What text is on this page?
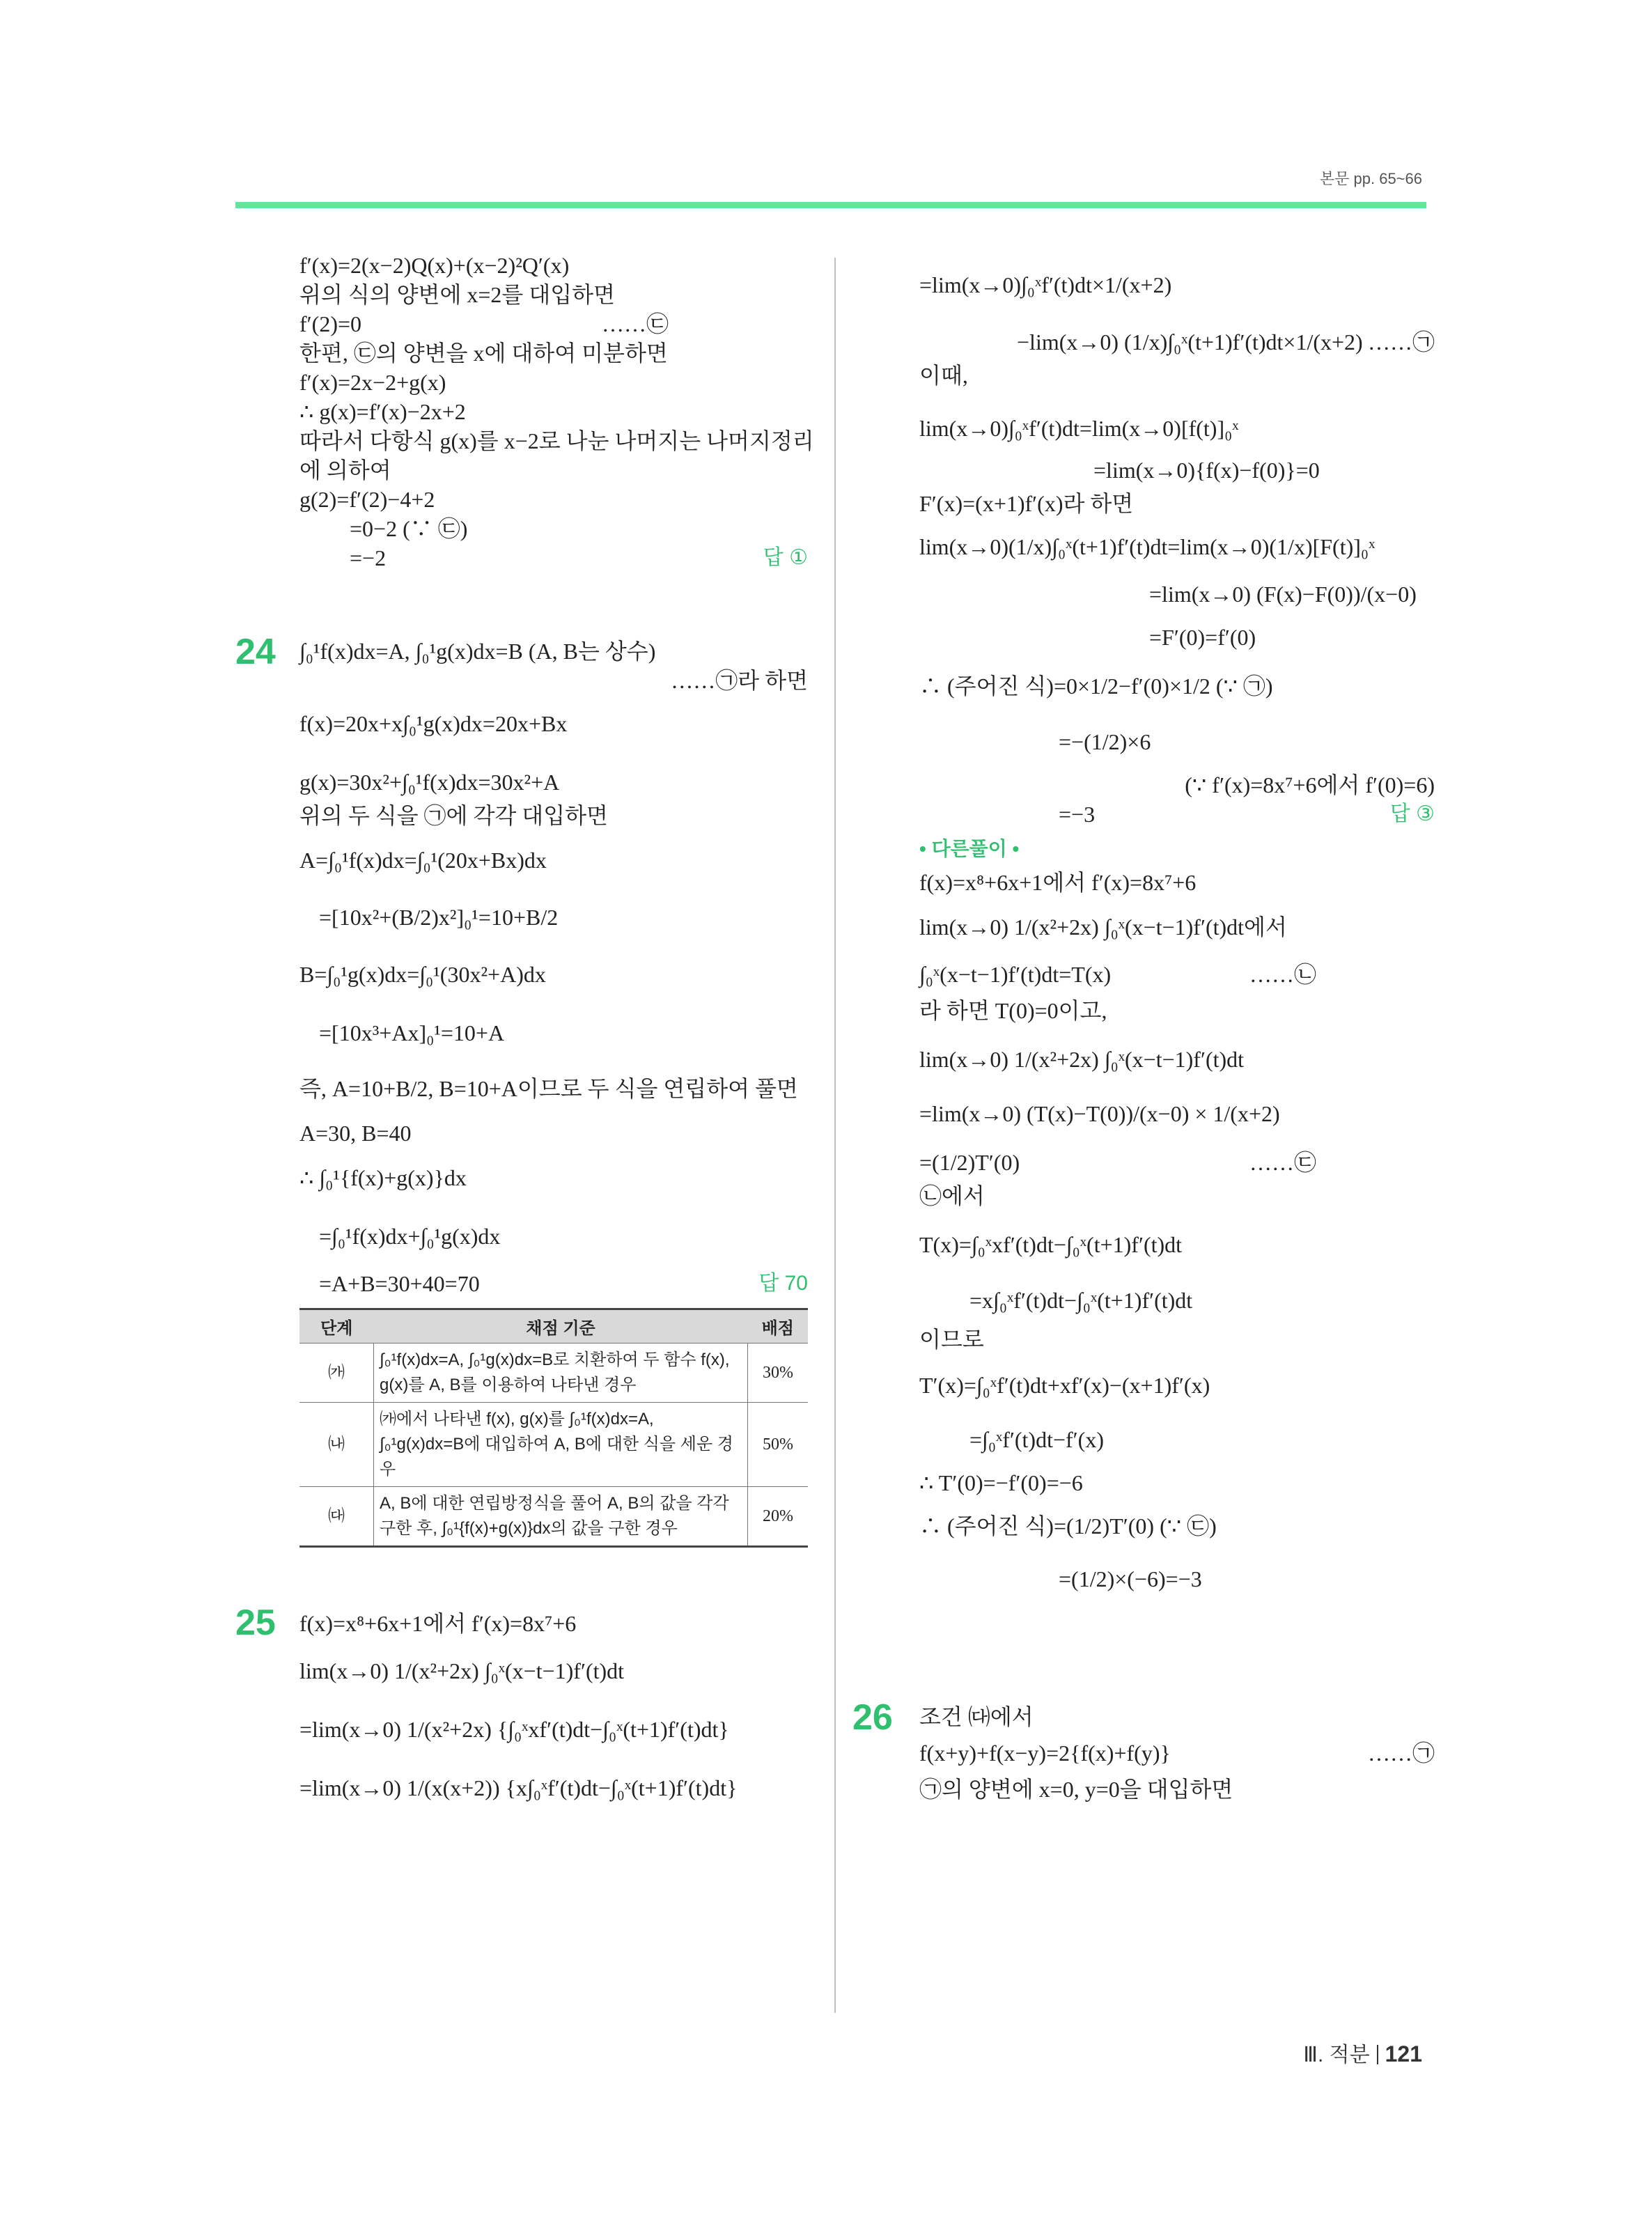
본문 pp. 65~66
f′(x)=2(x−2)Q(x)+(x−2)²Q′(x)
위의 식의 양변에 x=2를 대입하면
f′(2)=0	……㉢
한편, ㉢의 양변을 x에 대하여 미분하면
f′(x)=2x−2+g(x)
∴ g(x)=f′(x)−2x+2
따라서 다항식 g(x)를 x−2로 나눈 나머지는 나머지정리
에 의하여
g(2)=f′(2)−4+2
=0−2 (∵ ㉢)
=−2	답 ①
24 ∫₀¹f(x)dx=A, ∫₀¹g(x)dx=B (A, B는 상수)
……㉠라 하면
f(x)=20x+x∫₀¹g(x)dx=20x+Bx
g(x)=30x²+∫₀¹f(x)dx=30x²+A
위의 두 식을 ㉠에 각각 대입하면
A=∫₀¹f(x)dx=∫₀¹(20x+Bx)dx
=[10x²+(B/2)x²]₀¹=10+B/2
B=∫₀¹g(x)dx=∫₀¹(30x²+A)dx
=[10x³+Ax]₀¹=10+A
즉, A=10+B/2, B=10+A이므로 두 식을 연립하여 풀면
A=30, B=40
∴ ∫₀¹{f(x)+g(x)}dx
=∫₀¹f(x)dx+∫₀¹g(x)dx
=A+B=30+40=70	답 70
단계	채점 기준	배점
㈎	∫₀¹f(x)dx=A, ∫₀¹g(x)dx=B로 치환하여 두 함수 f(x), g(x)를 A, B를 이용하여 나타낸 경우	30%
㈏	㈎에서 나타낸 f(x), g(x)를 ∫₀¹f(x)dx=A, ∫₀¹g(x)dx=B에 대입하여 A, B에 대한 식을 세운 경우	50%
㈐	A, B에 대한 연립방정식을 풀어 A, B의 값을 각각 구한 후, ∫₀¹{f(x)+g(x)}dx의 값을 구한 경우	20%
25 f(x)=x⁸+6x+1에서 f′(x)=8x⁷+6
lim(x→0) 1/(x²+2x) ∫₀ˣ(x−t−1)f′(t)dt
=lim(x→0) 1/(x²+2x) {∫₀ˣxf′(t)dt−∫₀ˣ(t+1)f′(t)dt}
=lim(x→0) 1/(x(x+2)) {x∫₀ˣf′(t)dt−∫₀ˣ(t+1)f′(t)dt}
=lim(x→0)∫₀ˣf′(t)dt×1/(x+2)
−lim(x→0) (1/x)∫₀ˣ(t+1)f′(t)dt×1/(x+2) ……㉠
이때,
lim(x→0)∫₀ˣf′(t)dt=lim(x→0)[f(t)]₀ˣ
=lim(x→0){f(x)−f(0)}=0
F′(x)=(x+1)f′(x)라 하면
lim(x→0)(1/x)∫₀ˣ(t+1)f′(t)dt=lim(x→0)(1/x)[F(t)]₀ˣ
=lim(x→0) (F(x)−F(0))/(x−0)
=F′(0)=f′(0)
∴ (주어진 식)=0×1/2−f′(0)×1/2 (∵ ㉠)
=−(1/2)×6
(∵ f′(x)=8x⁷+6에서 f′(0)=6)
=−3	답 ③
• 다른풀이 •
f(x)=x⁸+6x+1에서 f′(x)=8x⁷+6
lim(x→0) 1/(x²+2x) ∫₀ˣ(x−t−1)f′(t)dt에서
∫₀ˣ(x−t−1)f′(t)dt=T(x)	……㉡
라 하면 T(0)=0이고,
lim(x→0) 1/(x²+2x) ∫₀ˣ(x−t−1)f′(t)dt
=lim(x→0) (T(x)−T(0))/(x−0) × 1/(x+2)
=(1/2)T′(0)	……㉢
㉡에서
T(x)=∫₀ˣxf′(t)dt−∫₀ˣ(t+1)f′(t)dt
=x∫₀ˣf′(t)dt−∫₀ˣ(t+1)f′(t)dt
이므로
T′(x)=∫₀ˣf′(t)dt+xf′(x)−(x+1)f′(x)
=∫₀ˣf′(t)dt−f′(x)
∴ T′(0)=−f′(0)=−6
∴ (주어진 식)=(1/2)T′(0) (∵ ㉢)
=(1/2)×(−6)=−3
26 조건 ㈐에서
f(x+y)+f(x−y)=2{f(x)+f(y)}	……㉠
㉠의 양변에 x=0, y=0을 대입하면
Ⅲ. 적분 121
